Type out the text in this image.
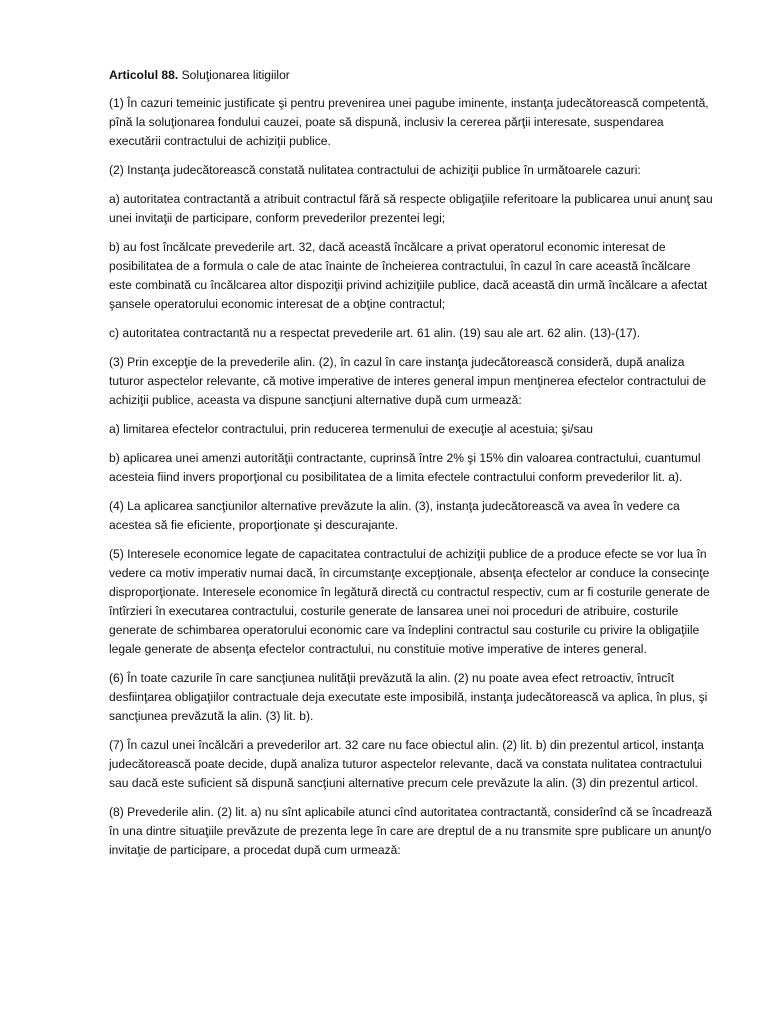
Articolul 88. Soluţionarea litigiilor

(1) În cazuri temeinic justificate şi pentru prevenirea unei pagube iminente, instanţa judecătorească competentă, pînă la soluţionarea fondului cauzei, poate să dispună, inclusiv la cererea părţii interesate, suspendarea executării contractului de achiziţii publice.

(2) Instanţa judecătorească constată nulitatea contractului de achiziţii publice în următoarele cazuri:

a) autoritatea contractantă a atribuit contractul fără să respecte obligaţiile referitoare la publicarea unui anunţ sau unei invitaţii de participare, conform prevederilor prezentei legi;

b) au fost încălcate prevederile art. 32, dacă această încălcare a privat operatorul economic interesat de posibilitatea de a formula o cale de atac înainte de încheierea contractului, în cazul în care această încălcare este combinată cu încălcarea altor dispoziţii privind achiziţiile publice, dacă această din urmă încălcare a afectat şansele operatorului economic interesat de a obţine contractul;

c) autoritatea contractantă nu a respectat prevederile art. 61 alin. (19) sau ale art. 62 alin. (13)-(17).

(3) Prin excepţie de la prevederile alin. (2), în cazul în care instanţa judecătorească consideră, după analiza tuturor aspectelor relevante, că motive imperative de interes general impun menţinerea efectelor contractului de achiziţii publice, aceasta va dispune sancţiuni alternative după cum urmează:

a) limitarea efectelor contractului, prin reducerea termenului de execuţie al acestuia; şi/sau

b) aplicarea unei amenzi autorităţii contractante, cuprinsă între 2% şi 15% din valoarea contractului, cuantumul acesteia fiind invers proporţional cu posibilitatea de a limita efectele contractului conform prevederilor lit. a).

(4) La aplicarea sancţiunilor alternative prevăzute la alin. (3), instanţa judecătorească va avea în vedere ca acestea să fie eficiente, proporţionate şi descurajante.

(5) Interesele economice legate de capacitatea contractului de achiziţii publice de a produce efecte se vor lua în vedere ca motiv imperativ numai dacă, în circumstanţe excepţionale, absenţa efectelor ar conduce la consecinţe disproporţionate. Interesele economice în legătură directă cu contractul respectiv, cum ar fi costurile generate de întîrzieri în executarea contractului, costurile generate de lansarea unei noi proceduri de atribuire, costurile generate de schimbarea operatorului economic care va îndeplini contractul sau costurile cu privire la obligaţiile legale generate de absenţa efectelor contractului, nu constituie motive imperative de interes general.

(6) În toate cazurile în care sancţiunea nulităţii prevăzută la alin. (2) nu poate avea efect retroactiv, întrucît desfiinţarea obligaţiilor contractuale deja executate este imposibilă, instanţa judecătorească va aplica, în plus, şi sancţiunea prevăzută la alin. (3) lit. b).

(7) În cazul unei încălcări a prevederilor art. 32 care nu face obiectul alin. (2) lit. b) din prezentul articol, instanţa judecătorească poate decide, după analiza tuturor aspectelor relevante, dacă va constata nulitatea contractului sau dacă este suficient să dispună sancţiuni alternative precum cele prevăzute la alin. (3) din prezentul articol.

(8) Prevederile alin. (2) lit. a) nu sînt aplicabile atunci cînd autoritatea contractantă, considerînd că se încadrează în una dintre situaţiile prevăzute de prezenta lege în care are dreptul de a nu transmite spre publicare un anunţ/o invitaţie de participare, a procedat după cum urmează:
